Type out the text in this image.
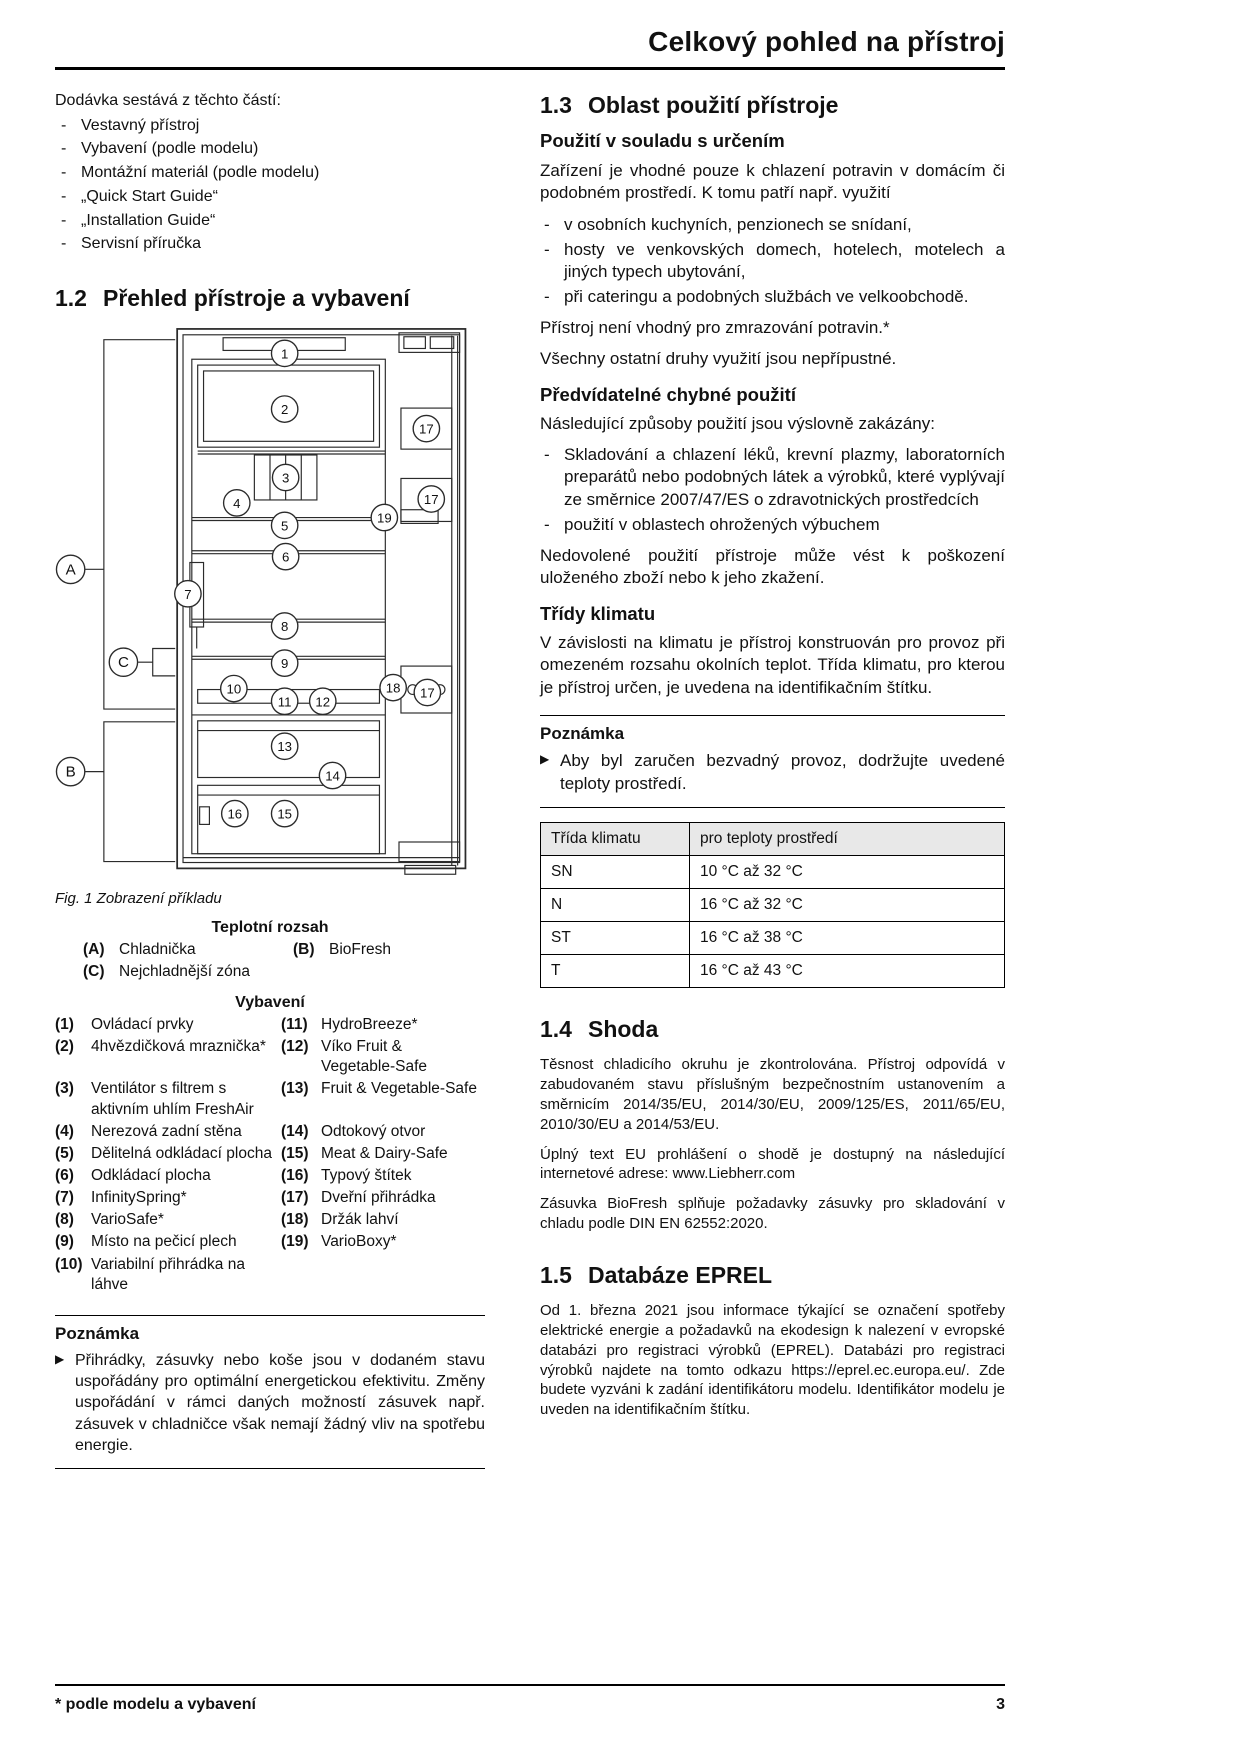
Celkový pohled na přístroj

Dodávka sestává z těchto částí:

- Vestavný přístroj
- Vybavení (podle modelu)
- Montážní materiál (podle modelu)
- „Quick Start Guide“
- „Installation Guide“
- Servisní příručka
1.2 Přehled přístroje a vybavení
1
2
17
3
4	17
19
5
6
7
8
9
10
11 12
18 17
13
14
16	15
A
C
B

Fig. 1 Zobrazení příkladu

Teplotní rozsah
(A) Chladnička	(B) BioFresh
(C) Nejchladnější zóna
Vybavení
(1)	Ovládací prvky	(11) HydroBreeze*
(2)	4hvězdičková mraznička* (12) Víko Fruit & Vegetable-Safe
(3)	Ventilátor s filtrem s aktivním uhlím FreshAir
(13) Fruit & Vegetable-Safe
(4)	Nerezová zadní stěna	(14) Odtokový otvor
(5)	Dělitelná odkládací plocha (15) Meat & Dairy-Safe
(6)	Odkládací plocha	(16) Typový štítek
(7)	InfinitySpring*	(17) Dveřní přihrádka
(8)	VarioSafe*	(18) Držák lahví
(9)	Místo na pečicí plech	(19) VarioBoxy*
(10) Variabilní přihrádka na láhve

Poznámka

▶ Přihrádky, zásuvky nebo koše jsou v dodaném stavu uspořádány pro optimální energetickou efektivitu. Změny uspořádání v rámci daných možností zásuvek např. zásuvek v chladničce však nemají žádný vliv na spotřebu energie.

1.3 Oblast použití přístroje
Použití v souladu s určením

Zařízení je vhodné pouze k chlazení potravin v domácím či podobném prostředí. K tomu patří např. využití

- v osobních kuchyních, penzionech se snídaní,
- hosty ve venkovských domech, hotelech, motelech a jiných typech ubytování,
- při cateringu a podobných službách ve velkoobchodě.

Přístroj není vhodný pro zmrazování potravin.*

Všechny ostatní druhy využití jsou nepřípustné.

Předvídatelné chybné použití

Následující způsoby použití jsou výslovně zakázány:

- Skladování a chlazení léků, krevní plazmy, laboratorních preparátů nebo podobných látek a výrobků, které vyplývají ze směrnice 2007/47/ES o zdravotnických prostředcích
- použití v oblastech ohrožených výbuchem

Nedovolené použití přístroje může vést k poškození uloženého zboží nebo k jeho zkažení.

Třídy klimatu

V závislosti na klimatu je přístroj konstruován pro provoz při omezeném rozsahu okolních teplot. Třída klimatu, pro kterou je přístroj určen, je uvedena na identifikačním štítku.

Poznámka

▶ Aby byl zaručen bezvadný provoz, dodržujte uvedené teploty prostředí.

Třída klimatu	pro teploty prostředí
SN	10 °C až 32 °C
N	16 °C až 32 °C
ST	16 °C až 38 °C
T	16 °C až 43 °C
1.4 Shoda

Těsnost chladicího okruhu je zkontrolována. Přístroj odpovídá v zabudovaném stavu příslušným bezpečnostním ustanovením a směrnicím 2014/35/EU, 2014/30/EU, 2009/125/ES, 2011/65/EU, 2010/30/EU a 2014/53/EU.

Úplný text EU prohlášení o shodě je dostupný na následující internetové adrese: www.Liebherr.com

Zásuvka BioFresh splňuje požadavky zásuvky pro skladování v chladu podle DIN EN 62552:2020.

1.5 Databáze EPREL

Od 1. března 2021 jsou informace týkající se označení spotřeby elektrické energie a požadavků na ekodesign k nalezení v evropské databázi pro registraci výrobků (EPREL). Databázi pro registraci výrobků najdete na tomto odkazu https://eprel.ec.europa.eu/. Zde budete vyzváni k zadání identifikátoru modelu. Identifikátor modelu je uveden na identifikačním štítku.

* podle modelu a vybavení	3
